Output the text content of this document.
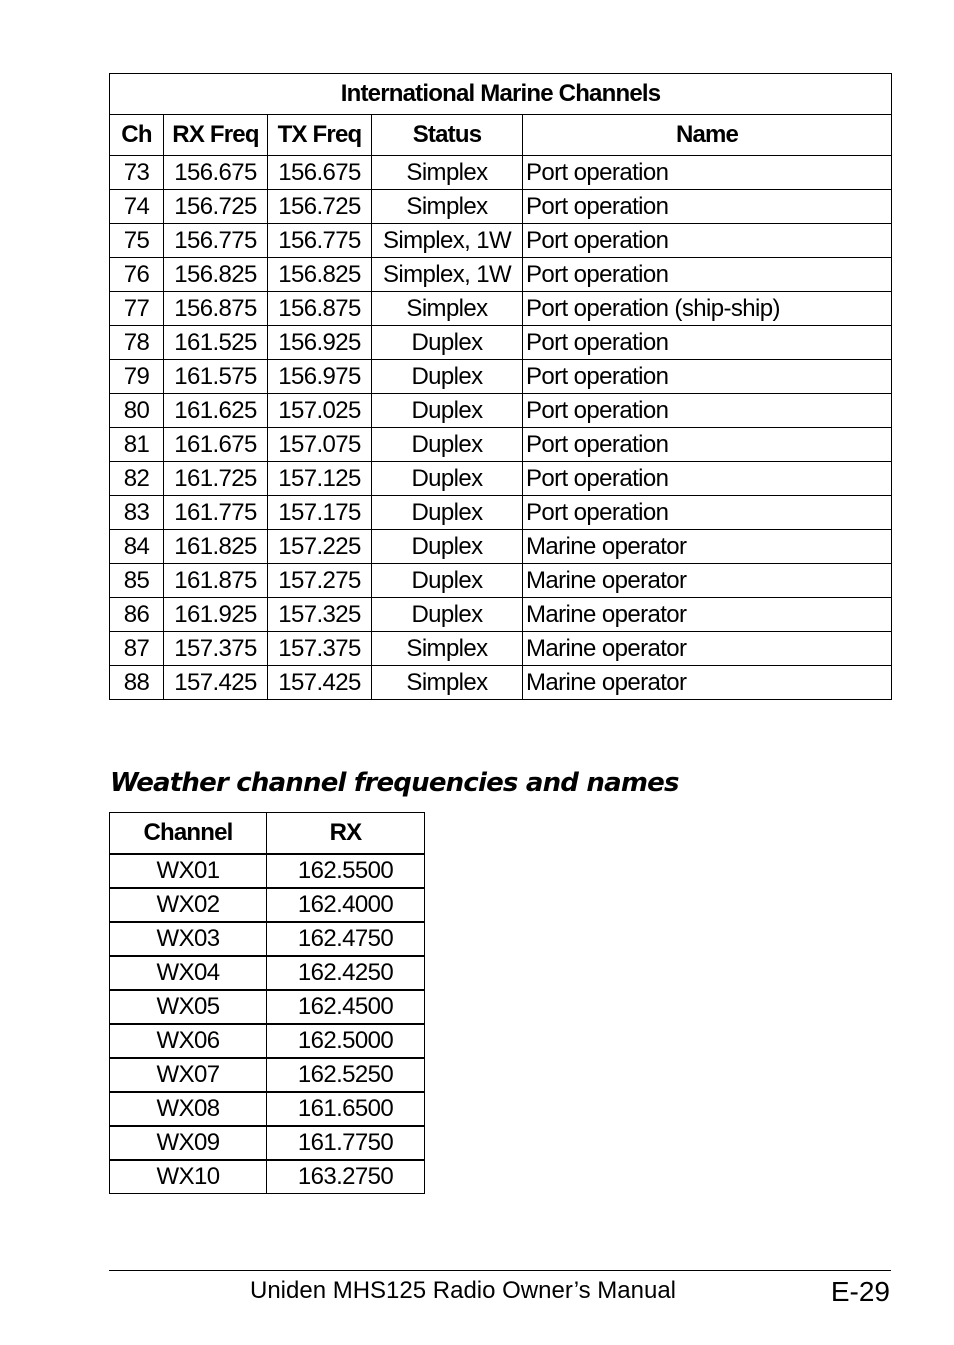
International Marine Channels				
Ch	RX Freq	TX Freq	Status	Name
73	156.675	156.675	Simplex	Port operation
74	156.725	156.725	Simplex	Port operation
75	156.775	156.775	Simplex, 1W	Port operation
76	156.825	156.825	Simplex, 1W	Port operation
77	156.875	156.875	Simplex	Port operation (ship-ship)
78	161.525	156.925	Duplex	Port operation
79	161.575	156.975	Duplex	Port operation
80	161.625	157.025	Duplex	Port operation
81	161.675	157.075	Duplex	Port operation
82	161.725	157.125	Duplex	Port operation
83	161.775	157.175	Duplex	Port operation
84	161.825	157.225	Duplex	Marine operator
85	161.875	157.275	Duplex	Marine operator
86	161.925	157.325	Duplex	Marine operator
87	157.375	157.375	Simplex	Marine operator
88	157.425	157.425	Simplex	Marine operator
Weather channel frequencies and names
Channel	RX
WX01	162.5500
WX02	162.4000
WX03	162.4750
WX04	162.4250
WX05	162.4500
WX06	162.5000
WX07	162.5250
WX08	161.6500
WX09	161.7750
WX10	163.2750
Uniden MHS125 Radio Owner’s Manual	E-29
